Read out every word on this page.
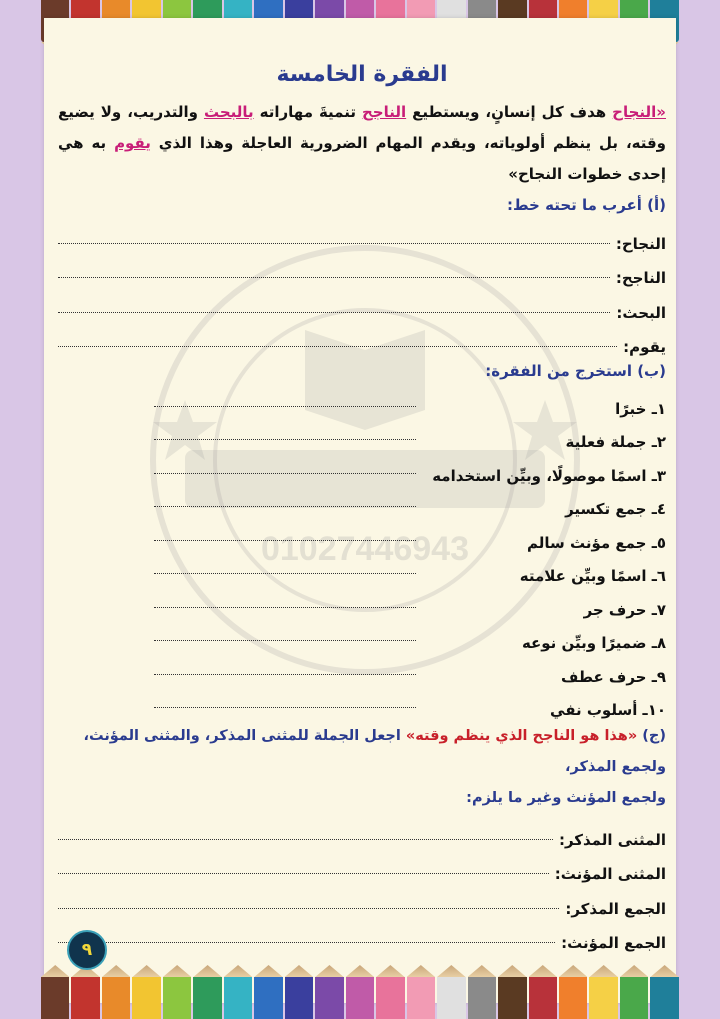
01027446943
الفقرة الخامسة

«النجاح هدف كل إنسانٍ، ويستطيع الناجح تنميةَ مهاراته بالبحث والتدريب، ولا يضيع وقته، بل ينظم أولوياته، ويقدم المهام الضرورية العاجلة وهذا الذي يقوم به هي إحدى خطوات النجاح»

(أ) أعرب ما تحته خط:
النجاح:
الناجح:
البحث:
يقوم:
(ب) استخرج من الفقرة:
١ـ خبرًا
٢ـ جملة فعلية
٣ـ اسمًا موصولًا، وبيِّن استخدامه
٤ـ جمع تكسير
٥ـ جمع مؤنث سالم
٦ـ اسمًا وبيِّن علامته
٧ـ حرف جر
٨ـ ضميرًا وبيِّن نوعه
٩ـ حرف عطف
١٠ـ أسلوب نفي

(ج) «هذا هو الناجح الذي ينظم وقته» اجعل الجملة للمثنى المذكر، والمثنى المؤنث، ولجمع المذكر،
ولجمع المؤنث وغير ما يلزم:

المثنى المذكر:
المثنى المؤنث:
الجمع المذكر:
الجمع المؤنث:
٩
